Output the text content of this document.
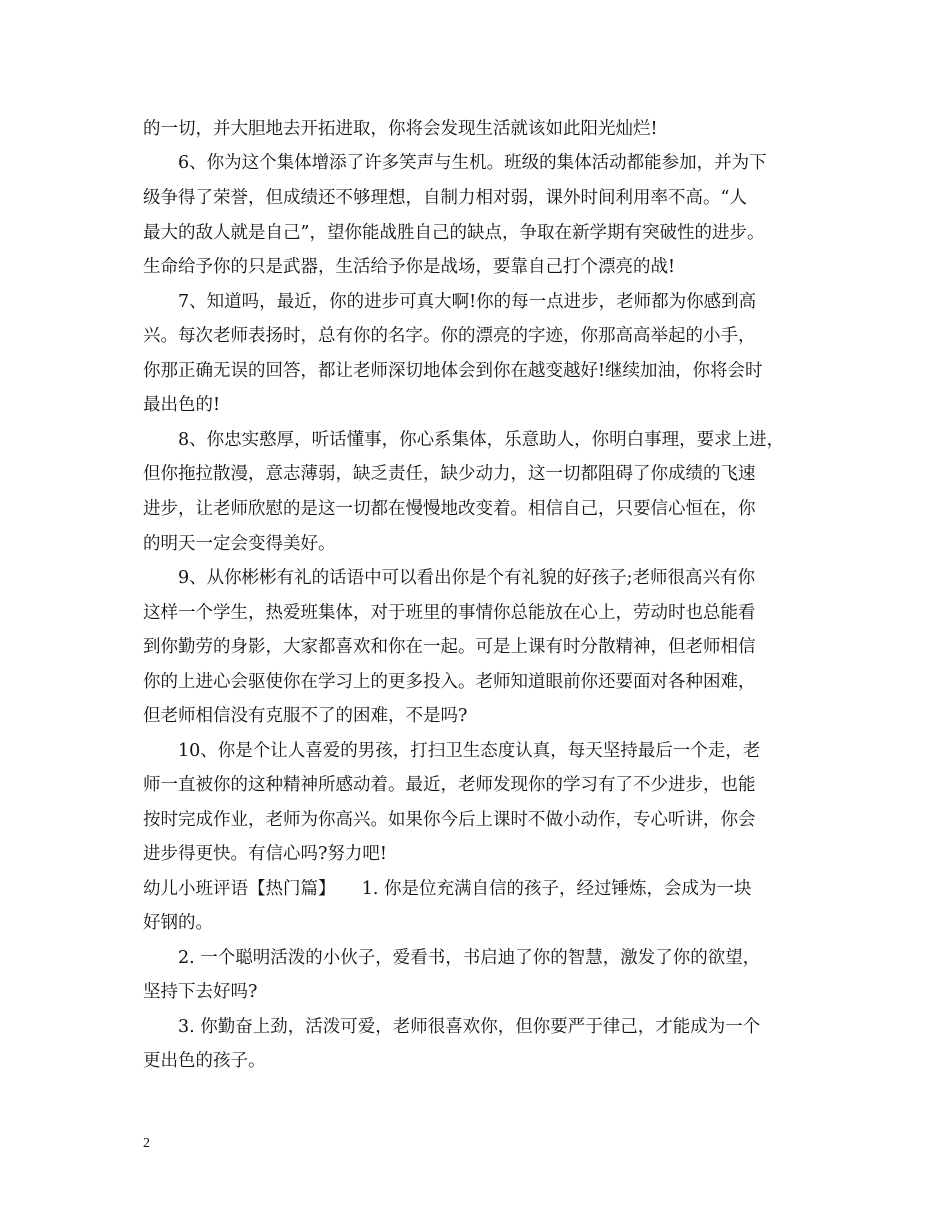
的一切，并大胆地去开拓进取，你将会发现生活就该如此阳光灿烂!
6、你为这个集体增添了许多笑声与生机。班级的集体活动都能参加，并为下
级争得了荣誉，但成绩还不够理想，自制力相对弱，课外时间利用率不高。“人
最大的敌人就是自己”，望你能战胜自己的缺点，争取在新学期有突破性的进步。
生命给予你的只是武器，生活给予你是战场，要靠自己打个漂亮的战!
7、知道吗，最近，你的进步可真大啊!你的每一点进步，老师都为你感到高
兴。每次老师表扬时，总有你的名字。你的漂亮的字迹，你那高高举起的小手，
你那正确无误的回答，都让老师深切地体会到你在越变越好!继续加油，你将会时
最出色的!
8、你忠实憨厚，听话懂事，你心系集体，乐意助人，你明白事理，要求上进，
但你拖拉散漫，意志薄弱，缺乏责任，缺少动力，这一切都阻碍了你成绩的飞速
进步，让老师欣慰的是这一切都在慢慢地改变着。相信自己，只要信心恒在，你
的明天一定会变得美好。
9、从你彬彬有礼的话语中可以看出你是个有礼貌的好孩子;老师很高兴有你
这样一个学生，热爱班集体，对于班里的事情你总能放在心上，劳动时也总能看
到你勤劳的身影，大家都喜欢和你在一起。可是上课有时分散精神，但老师相信
你的上进心会驱使你在学习上的更多投入。老师知道眼前你还要面对各种困难，
但老师相信没有克服不了的困难，不是吗?
10、你是个让人喜爱的男孩，打扫卫生态度认真，每天坚持最后一个走，老
师一直被你的这种精神所感动着。最近，老师发现你的学习有了不少进步，也能
按时完成作业，老师为你高兴。如果你今后上课时不做小动作，专心听讲，你会
进步得更快。有信心吗?努力吧!
幼儿小班评语【热门篇】　　1. 你是位充满自信的孩子，经过锤炼，会成为一块
好钢的。
2. 一个聪明活泼的小伙子，爱看书，书启迪了你的智慧，激发了你的欲望，
坚持下去好吗?
3. 你勤奋上劲，活泼可爱，老师很喜欢你，但你要严于律己，才能成为一个
更出色的孩子。
2
